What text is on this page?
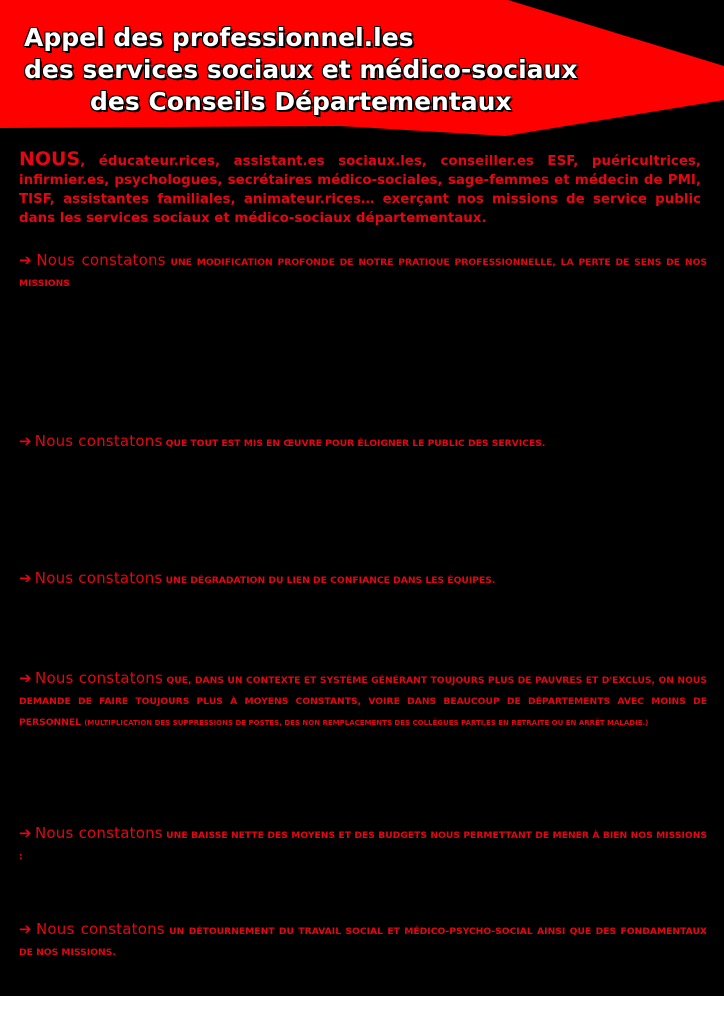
Appel des professionnel.les
des services sociaux et médico-sociaux
des Conseils Départementaux

NOUS, éducateur.rices, assistant.es sociaux.les, conseiller.es ESF, puéricultrices, infirmier.es, psychologues, secrétaires médico-sociales, sage-femmes et médecin de PMI, TISF, assistantes familiales, animateur.rices… exerçant nos missions de service public dans les services sociaux et médico-sociaux départementaux.

➔ Nous constatons UNE MODIFICATION PROFONDE DE NOTRE PRATIQUE PROFESSIONNELLE, LA PERTE DE SENS DE NOS MISSIONS

➔ Nous constatons QUE TOUT EST MIS EN ŒUVRE POUR ÉLOIGNER LE PUBLIC DES SERVICES.

➔ Nous constatons UNE DÉGRADATION DU LIEN DE CONFIANCE DANS LES ÉQUIPES.

➔ Nous constatons QUE, DANS UN CONTEXTE ET SYSTÈME GÉNÉRANT TOUJOURS PLUS DE PAUVRES ET D'EXCLUS, ON NOUS DEMANDE DE FAIRE TOUJOURS PLUS À MOYENS CONSTANTS, VOIRE DANS BEAUCOUP DE DÉPARTEMENTS AVEC MOINS DE PERSONNEL (MULTIPLICATION DES SUPPRESSIONS DE POSTES, DES NON REMPLACEMENTS DES COLLÈGUES PARTI.ES EN RETRAITE OU EN ARRÊT MALADIE.)

➔ Nous constatons UNE BAISSE NETTE DES MOYENS ET DES BUDGETS NOUS PERMETTANT DE MENER À BIEN NOS MISSIONS :

➔ Nous constatons UN DÉTOURNEMENT DU TRAVAIL SOCIAL ET MÉDICO-PSYCHO-SOCIAL AINSI QUE DES FONDAMENTAUX DE NOS MISSIONS.
